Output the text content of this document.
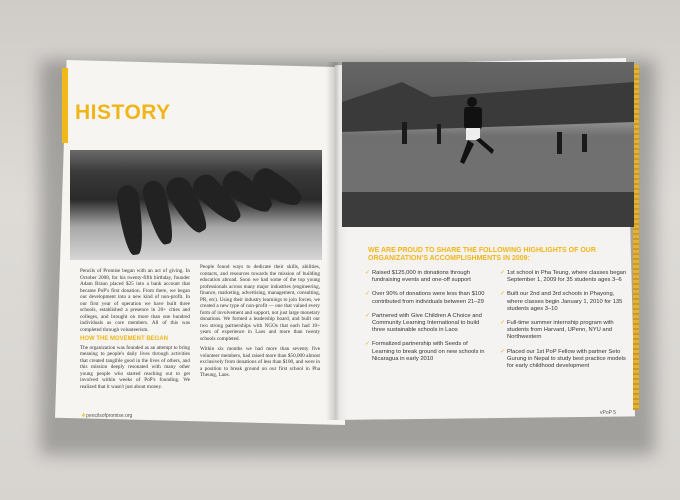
HISTORY
Pencils of Promise began with an act of giving. In October 2008, for his twenty-fifth birthday, founder Adam Braun placed $25 into a bank account that became PoP's first donation. From there, we began our development into a new kind of non-profit. In our first year of operation we have built three schools, established a presence in 20+ cities and colleges, and brought on more than one hundred individuals as core members. All of this was completed through volunteerism.
HOW THE MOVEMENT BEGAN
The organization was founded as an attempt to bring meaning to people's daily lives through activities that created tangible good in the lives of others, and this mission deeply resonated with many other young people who started reaching out to get involved within weeks of PoP's founding. We realized that it wasn't just about money.
People found ways to dedicate their skills, abilities, contacts, and resources towards the mission of building education abroad. Soon we had some of the top young professionals across many major industries (engineering, finance, marketing, advertising, management, consulting, PR, etc). Using their industry learnings to join forces, we created a new type of non-profit — one that valued every form of involvement and support, not just large monetary donations. We formed a leadership board, and built our two strong partnerships with NGOs that each had 10+ years of experience in Laos and more than twenty schools completed.
Within six months we had more than seventy five volunteer members, had raised more than $50,000 almost exclusively from donations of less than $100, and were in a position to break ground on our first school in Pha Theung, Laos.
4 pencilsofpromise.org
WE ARE PROUD TO SHARE THE FOLLOWING HIGHLIGHTS OF OUR ORGANIZATION'S ACCOMPLISHMENTS IN 2009:
✓ Raised $125,000 in donations through fundraising events and one-off support
✓ Over 90% of donations were less than $100 contributed from individuals between 21–29
✓ Partnered with Give Children A Choice and Community Learning International to build three sustainable schools in Laos
✓ Formalized partnership with Seeds of Learning to break ground on new schools in Nicaragua in early 2010
✓ 1st school in Pha Teung, where classes began September 1, 2009 for 35 students ages 3–6
✓ Built our 2nd and 3rd schools in Phayong, where classes begin January 1, 2010 for 135 students ages 3–10
✓ Full-time summer internship program with students from Harvard, UPenn, NYU and Northwestern
✓ Placed our 1st PoP Fellow with partner Seto Gurung in Nepal to study best practice models for early childhood development
vPoP 5
